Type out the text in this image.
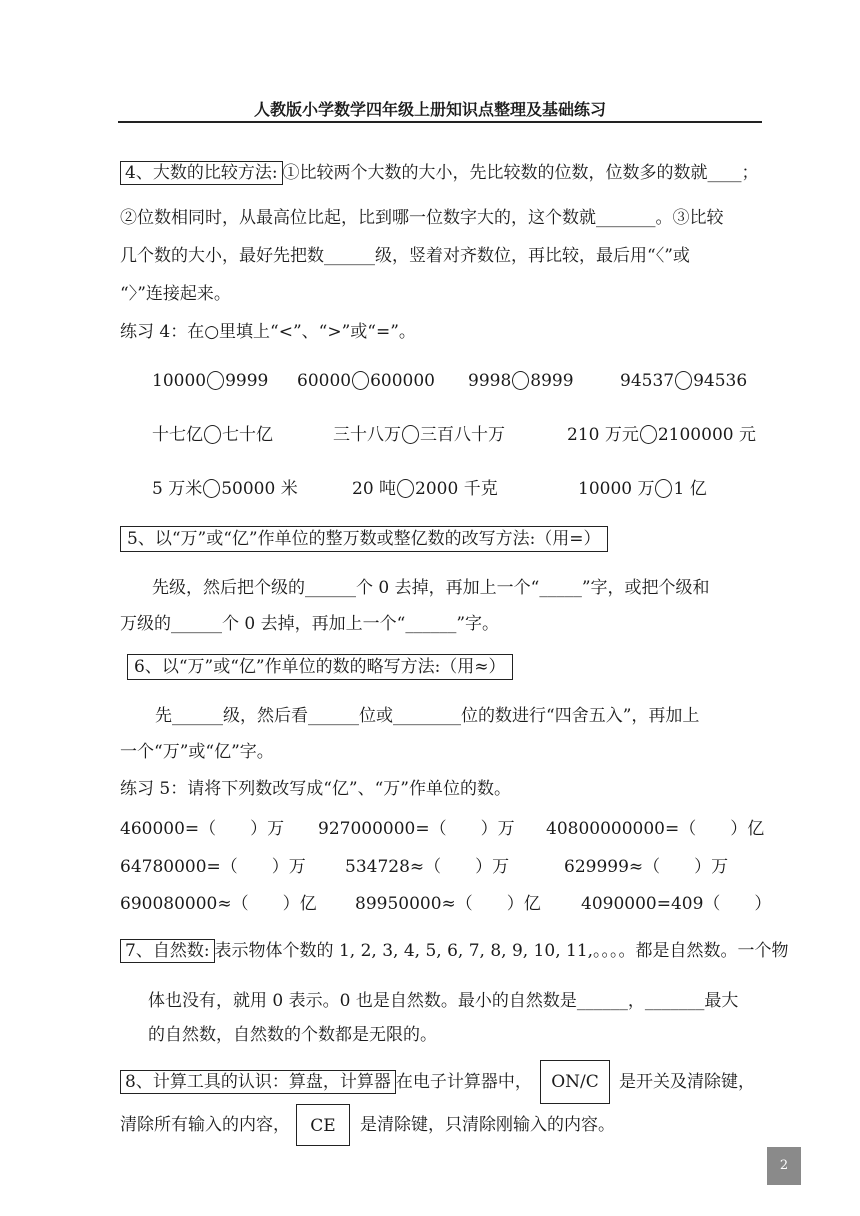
人教版小学数学四年级上册知识点整理及基础练习
4、大数的比较方法: ①比较两个大数的大小，先比较数的位数，位数多的数就____；
②位数相同时，从最高位比起，比到哪一位数字大的，这个数就_______。③比较
几个数的大小，最好先把数______级，竖着对齐数位，再比较，最后用“〈”或
“〉”连接起来。
练习 4：在○里填上“<”、“>”或“=”。
10000 9999 60000 600000 9998 8999	94537 94536
十七亿 七十亿	三十八万 三百八十万	210 万元 2100000 元
5 万米 50000 米	20 吨 2000 千克	10000 万 1 亿
5、以“万”或“亿”作单位的整万数或整亿数的改写方法:（用=）
先级，然后把个级的______个 0 去掉，再加上一个“_____”字，或把个级和
万级的______个 0 去掉，再加上一个“______”字。
6、以“万”或“亿”作单位的数的略写方法:（用≈）
先______级，然后看______位或________位的数进行“四舍五入”，再加上
一个“万”或“亿”字。
练习 5：请将下列数改写成“亿”、“万”作单位的数。
460000=（　　）万 927000000=（　　）万 40800000000=（　　）亿
64780000=（　　）万 534728≈（　　）万	629999≈（　　）万
690080000≈（　　）亿 89950000≈（　　）亿 4090000=409（　　）
7、自然数: 表示物体个数的 1, 2, 3, 4, 5, 6, 7, 8, 9, 10, 11,。。。。都是自然数。一个物
体也没有，就用 0 表示。0 也是自然数。最小的自然数是______，_______最大
的自然数，自然数的个数都是无限的。
8、计算工具的认识：算盘，计算器 在电子计算器中，	ON/C	是开关及清除键，
清除所有输入的内容，	CE	是清除键，只清除刚输入的内容。
2
